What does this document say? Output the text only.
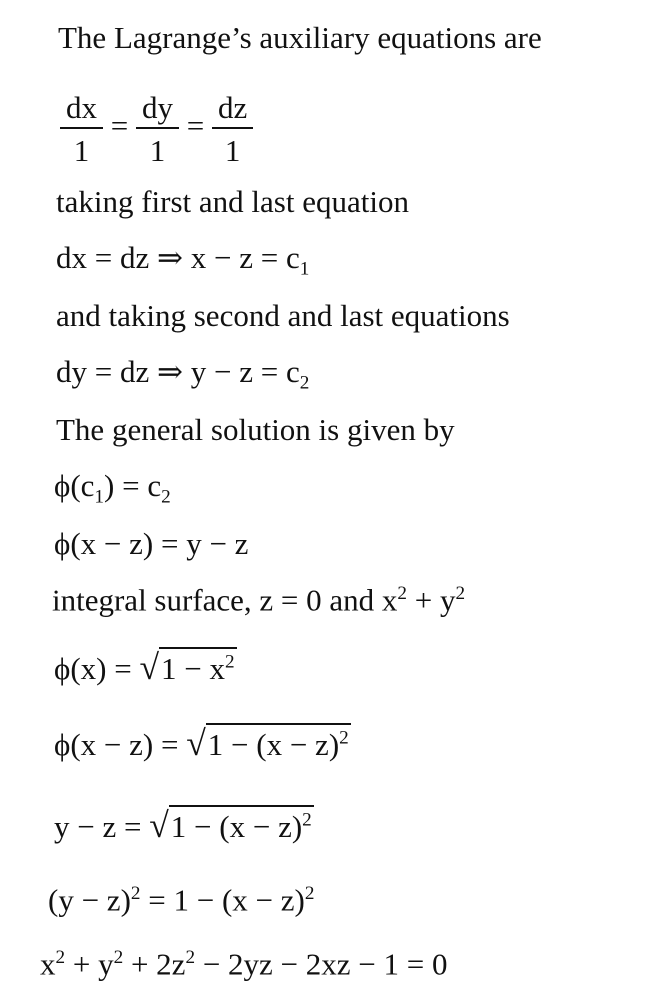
The Lagrange’s auxiliary equations are
$\frac{dx}{1} = \frac{dy}{1} = \frac{dz}{1}$
taking first and last equation
dx = dz ⇒ $x - z = c_1$
and taking second and last equations
dy = dz ⇒ $y - z = c_2$
The general solution is given by
$\phi(c_1) = c_2$
ϕ(x − z) = y − z
integral surface, z = 0 and $x^2 + y^2$
$\phi(x) = √1 - x^2$
$\phi(x - z) = √1 - (x - z)^2$
$y - z = √1 - (x - z)^2$
$(y - z)^2 = 1 - (x - z)^2$
$x^2 + y^2 + 2z^2 - 2yz - 2xz - 1 = 0$
